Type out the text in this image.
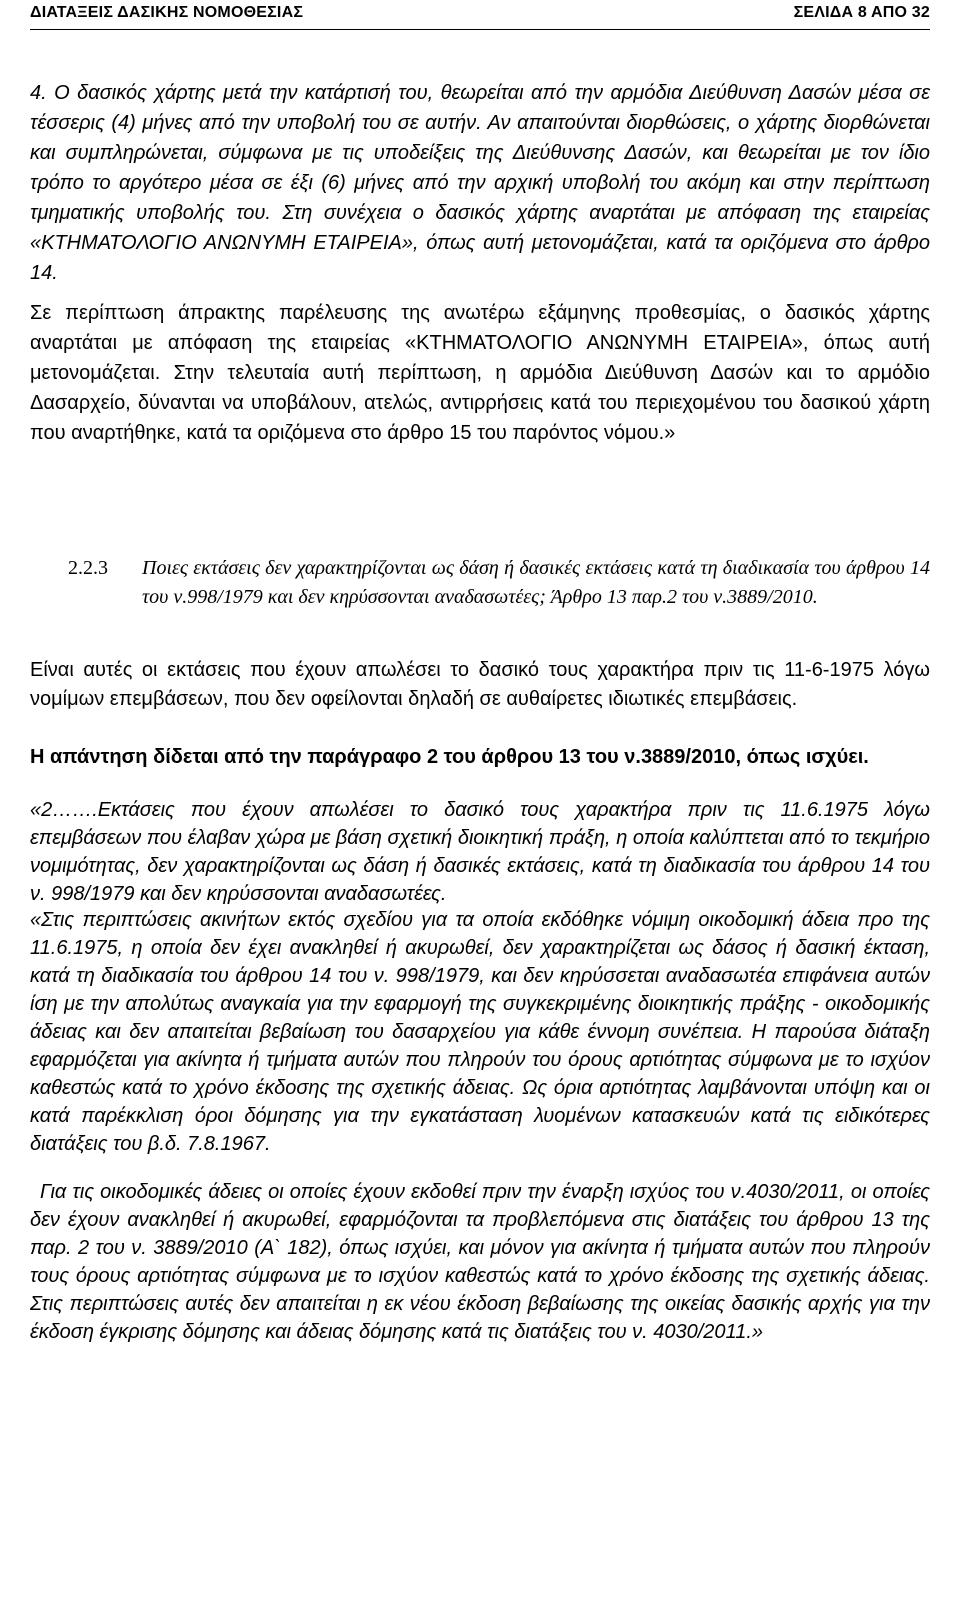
ΔΙΑΤΑΞΕΙΣ ΔΑΣΙΚΗΣ ΝΟΜΟΘΕΣΙΑΣ	ΣΕΛΙΔΑ 8 ΑΠΟ 32

4. Ο δασικός χάρτης μετά την κατάρτισή του, θεωρείται από την αρμόδια Διεύθυνση Δασών μέσα σε τέσσερις (4) μήνες από την υποβολή του σε αυτήν. Αν απαιτούνται διορθώσεις, ο χάρτης διορθώνεται και συμπληρώνεται, σύμφωνα με τις υποδείξεις της Διεύθυνσης Δασών, και θεωρείται με τον ίδιο τρόπο το αργότερο μέσα σε έξι (6) μήνες από την αρχική υποβολή του ακόμη και στην περίπτωση τμηματικής υποβολής του. Στη συνέχεια ο δασικός χάρτης αναρτάται με απόφαση της εταιρείας «ΚΤΗΜΑΤΟΛΟΓΙΟ ΑΝΩΝΥΜΗ ΕΤΑΙΡΕΙΑ», όπως αυτή μετονομάζεται, κατά τα οριζόμενα στο άρθρο 14.

Σε περίπτωση άπρακτης παρέλευσης της ανωτέρω εξάμηνης προθεσμίας, ο δασικός χάρτης αναρτάται με απόφαση της εταιρείας «ΚΤΗΜΑΤΟΛΟΓΙΟ ΑΝΩΝΥΜΗ ΕΤΑΙΡΕΙΑ», όπως αυτή μετονομάζεται. Στην τελευταία αυτή περίπτωση, η αρμόδια Διεύθυνση Δασών και το αρμόδιο Δασαρχείο, δύνανται να υποβάλουν, ατελώς, αντιρρήσεις κατά του περιεχομένου του δασικού χάρτη που αναρτήθηκε, κατά τα οριζόμενα στο άρθρο 15 του παρόντος νόμου.»

2.2.3	Ποιες εκτάσεις δεν χαρακτηρίζονται ως δάση ή δασικές εκτάσεις κατά τη διαδικασία του άρθρου 14 του ν.998/1979 και δεν κηρύσσονται αναδασωτέες; Άρθρο 13 παρ.2 του ν.3889/2010.

Είναι αυτές οι εκτάσεις που έχουν απωλέσει το δασικό τους χαρακτήρα πριν τις 11-6-1975 λόγω νομίμων επεμβάσεων, που δεν οφείλονται δηλαδή σε αυθαίρετες ιδιωτικές επεμβάσεις.

Η απάντηση δίδεται από την παράγραφο 2 του άρθρου 13 του ν.3889/2010, όπως ισχύει.

«2…….Εκτάσεις που έχουν απωλέσει το δασικό τους χαρακτήρα πριν τις 11.6.1975 λόγω επεμβάσεων που έλαβαν χώρα με βάση σχετική διοικητική πράξη, η οποία καλύπτεται από το τεκμήριο νομιμότητας, δεν χαρακτηρίζονται ως δάση ή δασικές εκτάσεις, κατά τη διαδικασία του άρθρου 14 του ν. 998/1979 και δεν κηρύσσονται αναδασωτέες.

«Στις περιπτώσεις ακινήτων εκτός σχεδίου για τα οποία εκδόθηκε νόμιμη οικοδομική άδεια προ της 11.6.1975, η οποία δεν έχει ανακληθεί ή ακυρωθεί, δεν χαρακτηρίζεται ως δάσος ή δασική έκταση, κατά τη διαδικασία του άρθρου 14 του ν. 998/1979, και δεν κηρύσσεται αναδασωτέα επιφάνεια αυτών ίση με την απολύτως αναγκαία για την εφαρμογή της συγκεκριμένης διοικητικής πράξης - οικοδομικής άδειας και δεν απαιτείται βεβαίωση του δασαρχείου για κάθε έννομη συνέπεια. Η παρούσα διάταξη εφαρμόζεται για ακίνητα ή τμήματα αυτών που πληρούν του όρους αρτιότητας σύμφωνα με το ισχύον καθεστώς κατά το χρόνο έκδοσης της σχετικής άδειας. Ως όρια αρτιότητας λαμβάνονται υπόψη και οι κατά παρέκκλιση όροι δόμησης για την εγκατάσταση λυομένων κατασκευών κατά τις ειδικότερες διατάξεις του β.δ. 7.8.1967.

Για τις οικοδομικές άδειες οι οποίες έχουν εκδοθεί πριν την έναρξη ισχύος του ν.4030/2011, οι οποίες δεν έχουν ανακληθεί ή ακυρωθεί, εφαρμόζονται τα προβλεπόμενα στις διατάξεις του άρθρου 13 της παρ. 2 του ν. 3889/2010 (Α` 182), όπως ισχύει, και μόνον για ακίνητα ή τμήματα αυτών που πληρούν τους όρους αρτιότητας σύμφωνα με το ισχύον καθεστώς κατά το χρόνο έκδοσης της σχετικής άδειας. Στις περιπτώσεις αυτές δεν απαιτείται η εκ νέου έκδοση βεβαίωσης της οικείας δασικής αρχής για την έκδοση έγκρισης δόμησης και άδειας δόμησης κατά τις διατάξεις του ν. 4030/2011.»
